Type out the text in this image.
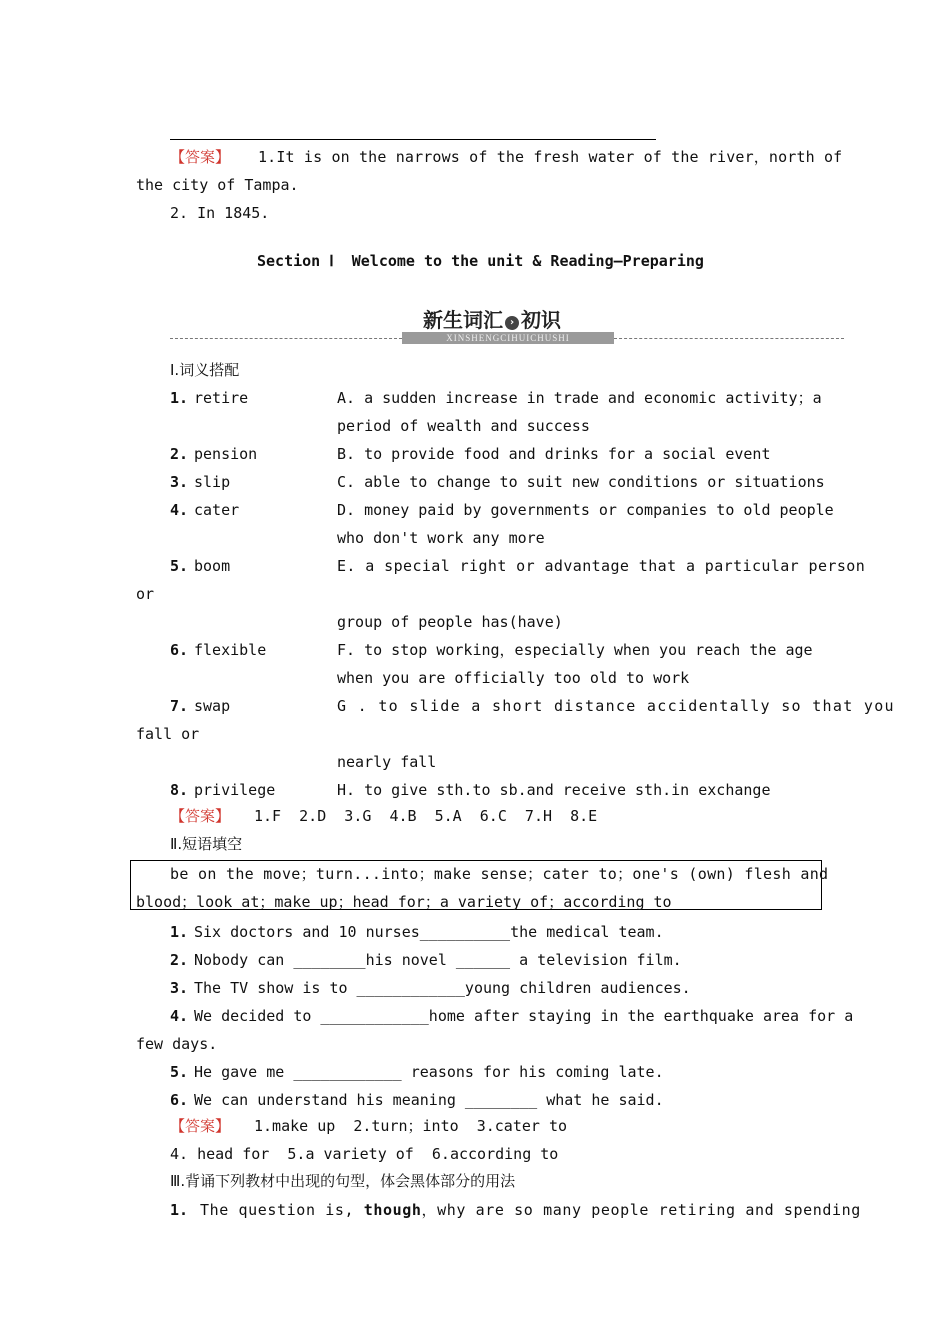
【答案】 1.It is on the narrows of the fresh water of the river，north of
the city of Tampa.
2. In 1845.
Section Ⅰ  Welcome to the unit & Reading—Preparing
XINSHENGCIHUICHUSHI
新生词汇 › 初识
Ⅰ.词义搭配
1. retire	A. a sudden increase in trade and economic activity；a
period of wealth and success
2. pension	B. to provide food and drinks for a social event
3. slip	C. able to change to suit new conditions or situations
4. cater	D. money paid by governments or companies to old people
who don't work any more
5. boom	E. a special right or advantage that a particular person
or
group of people has(have)
6. flexible	F. to stop working，especially when you reach the age
when you are officially too old to work
7. swap	G . to slide a short distance accidentally so that you
fall or
nearly fall
8. privilege	H. to give sth.to sb.and receive sth.in exchange
【答案】 1.F  2.D  3.G  4.B  5.A  6.C  7.H  8.E
Ⅱ.短语填空
be on the move；turn...into；make sense；cater to；one's (own) flesh and
blood；look at；make up；head for；a variety of；according to
1. Six doctors and 10 nurses__________the medical team.
2. Nobody can ________his novel ______ a television film.
3. The TV show is to ____________young children audiences.
4. We decided to ____________home after staying in the earthquake area for a
few days.
5. He gave me ____________ reasons for his coming late.
6. We can understand his meaning ________ what he said.
【答案】 1.make up  2.turn；into  3.cater to
4. head for  5.a variety of  6.according to
Ⅲ.背诵下列教材中出现的句型，体会黑体部分的用法
1. The question is, though，why are so many people retiring and spending
